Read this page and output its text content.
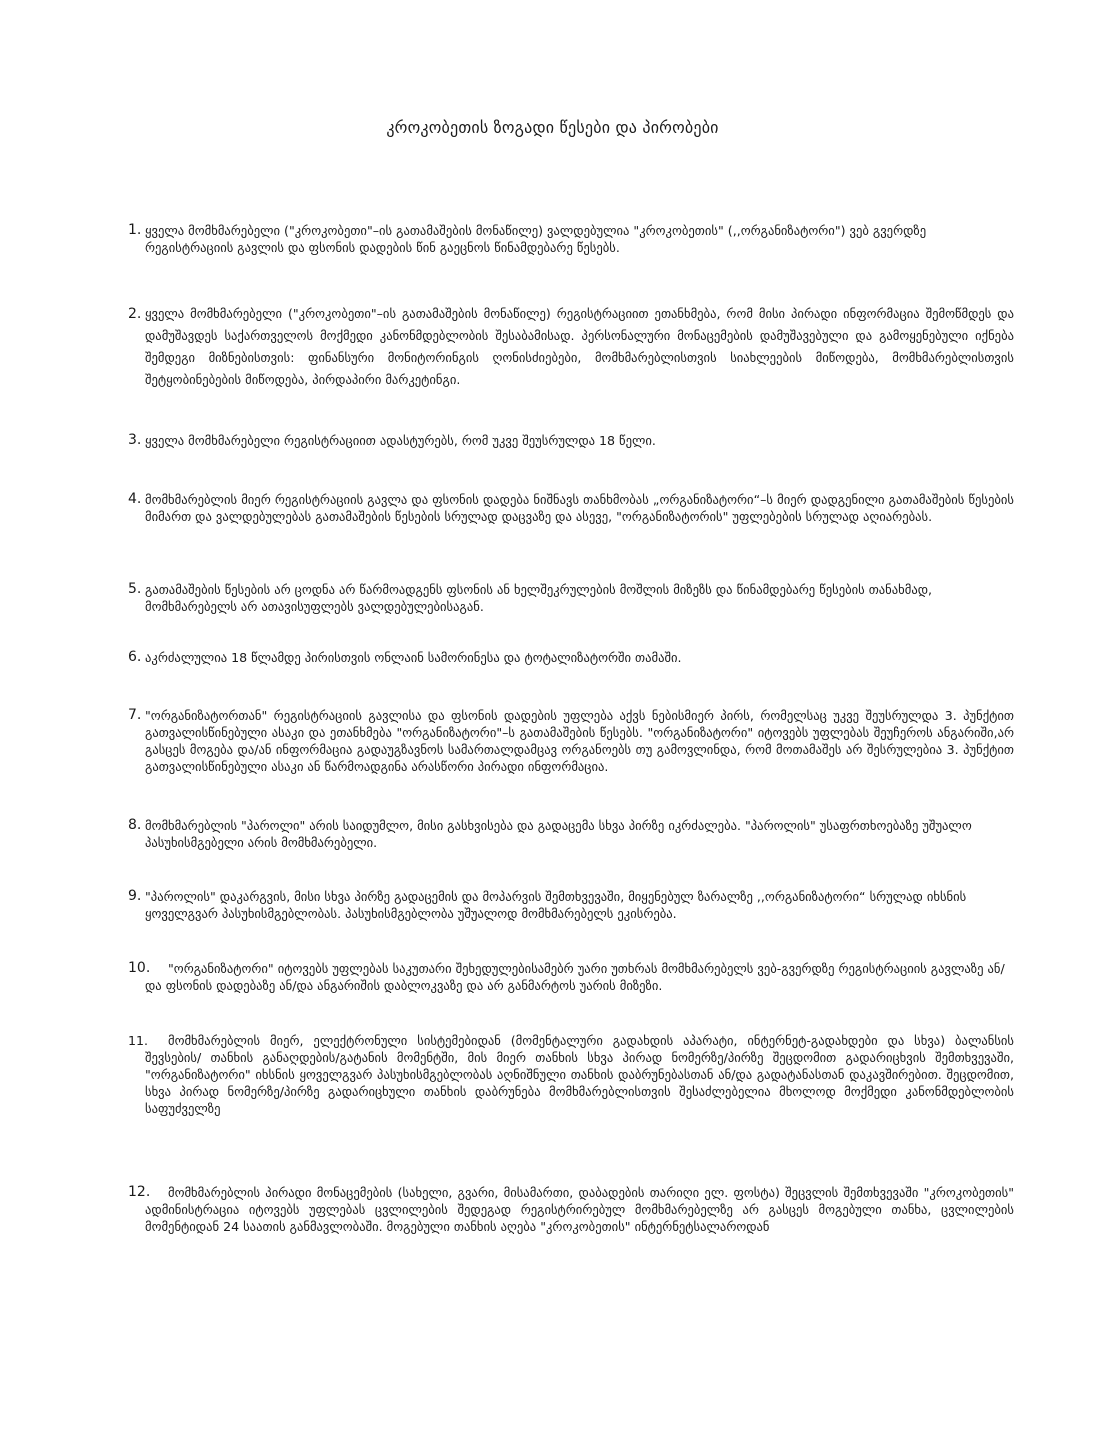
კროკობეთის ზოგადი წესები და პირობები
1. ყველა მომხმარებელი ("კროკობეთი"–ის გათამაშების მონაწილე) ვალდებულია "კროკობეთის" (,,ორგანიზატორი") ვებ გვერდზე რეგისტრაციის გავლის და ფსონის დადების წინ გაეცნოს წინამდებარე წესებს.
2. ყველა მომხმარებელი ("კროკობეთი"–ის გათამაშების მონაწილე) რეგისტრაციით ეთანხმება, რომ მისი პირადი ინფორმაცია შემოწმდეს და დამუშავდეს საქართველოს მოქმედი კანონმდებლობის შესაბამისად. პერსონალური მონაცემების დამუშავებული და გამოყენებული იქნება შემდეგი მიზნებისთვის: ფინანსური მონიტორინგის ღონისძიებები, მომხმარებლისთვის სიახლეების მიწოდება, მომხმარებლისთვის შეტყობინებების მიწოდება, პირდაპირი მარკეტინგი.
3. ყველა მომხმარებელი რეგისტრაციით ადასტურებს, რომ უკვე შეუსრულდა 18 წელი.
4. მომხმარებლის მიერ რეგისტრაციის გავლა და ფსონის დადება ნიშნავს თანხმობას „ორგანიზატორი“–ს მიერ დადგენილი გათამაშების წესების მიმართ და ვალდებულებას გათამაშების წესების სრულად დაცვაზე და ასევე, "ორგანიზატორის" უფლებების სრულად აღიარებას.
5. გათამაშების წესების არ ცოდნა არ წარმოადგენს ფსონის ან ხელშეკრულების მოშლის მიზეზს და წინამდებარე წესების თანახმად, მომხმარებელს არ ათავისუფლებს ვალდებულებისაგან.
6. აკრძალულია 18 წლამდე პირისთვის ონლაინ სამორინესა და ტოტალიზატორში თამაში.
7. "ორგანიზატორთან" რეგისტრაციის გავლისა და ფსონის დადების უფლება აქვს ნებისმიერ პირს, რომელსაც უკვე შეუსრულდა 3. პუნქტით გათვალისწინებული ასაკი და ეთანხმება "ორგანიზატორი"–ს გათამაშების წესებს. "ორგანიზატორი" იტოვებს უფლებას შეუჩეროს ანგარიში,არ გასცეს მოგება და/ან ინფორმაცია გადაუგზავნოს სამართალდამცავ ორგანოებს თუ გამოვლინდა, რომ მოთამაშეს არ შესრულებია 3. პუნქტით გათვალისწინებული ასაკი ან წარმოადგინა არასწორი პირადი ინფორმაცია.
8. მომხმარებლის "პაროლი" არის საიდუმლო, მისი გასხვისება და გადაცემა სხვა პირზე იკრძალება. "პაროლის" უსაფრთხოებაზე უშუალო პასუხისმგებელი არის მომხმარებელი.
9. "პაროლის" დაკარგვის, მისი სხვა პირზე გადაცემის და მოპარვის შემთხვევაში, მიყენებულ ზარალზე ,,ორგანიზატორი“ სრულად იხსნის ყოველგვარ პასუხისმგებლობას. პასუხისმგებლობა უშუალოდ მომხმარებელს ეკისრება.
10.	"ორგანიზატორი" იტოვებს უფლებას საკუთარი შეხედულებისამებრ უარი უთხრას მომხმარებელს ვებ-გვერდზე რეგისტრაციის გავლაზე ან/და ფსონის დადებაზე ან/და ანგარიშის დაბლოკვაზე და არ განმარტოს უარის მიზეზი.
11.	მომხმარებლის მიერ, ელექტრონული სისტემებიდან (მომენტალური გადახდის აპარატი, ინტერნეტ-გადახდები და სხვა) ბალანსის შევსების/ თანხის განაღდების/გატანის მომენტში, მის მიერ თანხის სხვა პირად ნომერზე/პირზე შეცდომით გადარიცხვის შემთხვევაში, "ორგანიზატორი" იხსნის ყოველგვარ პასუხისმგებლობას აღნიშნული თანხის დაბრუნებასთან ან/და გადატანასთან დაკავშირებით. შეცდომით, სხვა პირად ნომერზე/პირზე გადარიცხული თანხის დაბრუნება მომხმარებლისთვის შესაძლებელია მხოლოდ მოქმედი კანონმდებლობის საფუძველზე
12.	მომხმარებლის პირადი მონაცემების (სახელი, გვარი, მისამართი, დაბადების თარიღი ელ. ფოსტა) შეცვლის შემთხვევაში "კროკობეთის" ადმინისტრაცია იტოვებს უფლებას ცვლილების შედეგად რეგისტრირებულ მომხმარებელზე არ გასცეს მოგებული თანხა, ცვლილების მომენტიდან 24 საათის განმავლობაში. მოგებული თანხის აღება "კროკობეთის" ინტერნეტსალაროდან
